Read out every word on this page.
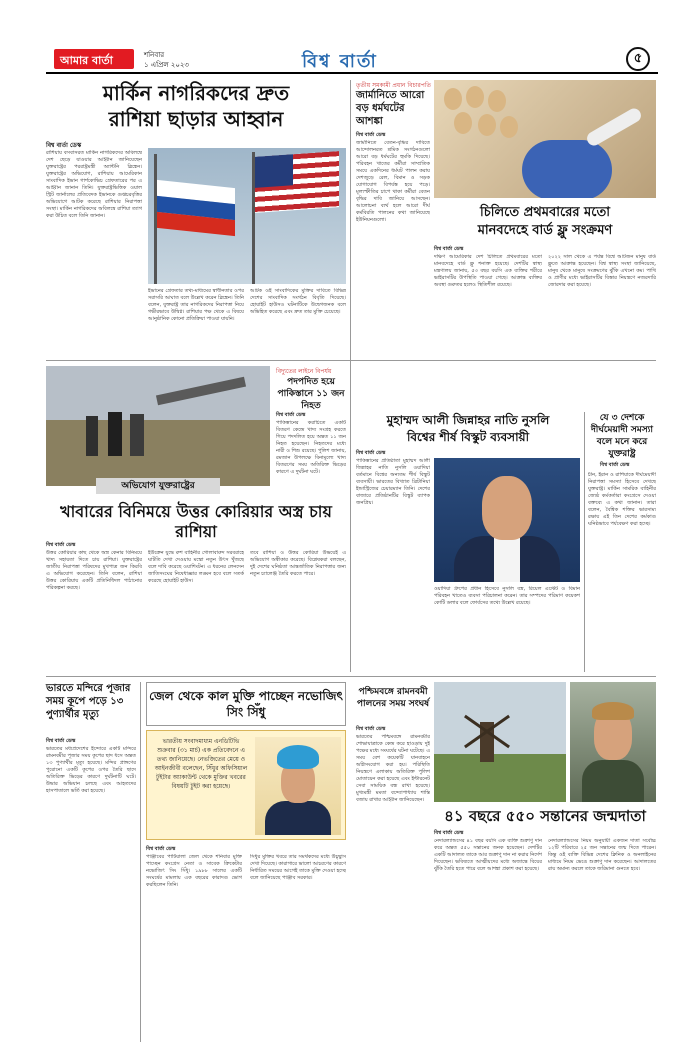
আমার বার্তা	শনিবার
১ এপ্রিল ২০২৩	বিশ্ব বার্তা	৫
মার্কিন নাগরিকদের দ্রুত
রাশিয়া ছাড়ার আহ্বান
বিশ্ব বার্তা ডেস্ক
রাশিয়ায় বসবাসরত মার্কিন নাগরিকদের অবিলম্বে দেশ ছেড়ে যাওয়ার আহ্বান জানিয়েছেন যুক্তরাষ্ট্রের পররাষ্ট্রমন্ত্রী অ্যান্টনি ব্লিঙ্কেন। যুক্তরাষ্ট্রের অভিযোগ, রাশিয়ায় আমেরিকান সাংবাদিক ইভান গার্শকোভিচ গ্রেফতারের পর এ আহ্বান জানান তিনি। যুক্তরাষ্ট্রভিত্তিক ওয়াল স্ট্রিট জার্নালের প্রতিবেদক ইভানকে গুপ্তচরবৃত্তির অভিযোগে আটক করেছে রাশিয়ার নিরাপত্তা সংস্থা। মার্কিন নাগরিকদের অবিলম্বে রাশিয়া ত্যাগ করা উচিত বলে তিনি জানান।
ইভানের গ্রেফতার তথ্য-মাধ্যমের স্বাধীনতার ওপর সরাসরি আঘাত বলে উল্লেখ করেন ব্লিঙ্কেন। তিনি বলেন, যুক্তরাষ্ট্র তার নাগরিকদের নিরাপত্তা নিয়ে গভীরভাবে উদ্বিগ্ন। রাশিয়ার পক্ষ থেকে এ বিষয়ে আনুষ্ঠানিক কোনো প্রতিক্রিয়া পাওয়া যায়নি।
আটক ওই সাংবাদিকের মুক্তির দাবিতে বিভিন্ন দেশের সাংবাদিক সংগঠন বিবৃতি দিয়েছে। হোয়াইট হাউসও ঘটনাটিকে উদ্বেগজনক বলে অভিহিত করেছে এবং দ্রুত তার মুক্তি চেয়েছে।
তৃতীয় সমকামী প্রধান বিচারপতি
জার্মানিতে আরো বড় ধর্মঘটের আশঙ্কা
বিশ্ব বার্তা ডেস্ক
জার্মানিতে বেতন-বৃদ্ধির দাবিতে আন্দোলনরত শ্রমিক সংগঠনগুলো আরো বড় ধর্মঘটের হুমকি দিয়েছে। পরিবহন খাতের কর্মীরা সাম্প্রতিক সময়ে একদিনের ধর্মঘট পালন করায় দেশজুড়ে রেল, বিমান ও সড়ক যোগাযোগ বিপর্যস্ত হয়ে পড়ে। মূল্যস্ফীতির চাপে থাকা কর্মীরা বেতন বৃদ্ধির দাবি জানিয়ে আসছেন। আলোচনা ব্যর্থ হলে আরো দীর্ঘ কর্মবিরতি পালনের কথা জানিয়েছে ইউনিয়নগুলো।	চিলিতে প্রথমবারের মতো
মানবদেহে বার্ড ফ্লু সংক্রমণ
বিশ্ব বার্তা ডেস্ক
দক্ষিণ আমেরিকার দেশ চিলিতে প্রথমবারের মতো মানবদেহে বার্ড ফ্লু শনাক্ত হয়েছে। দেশটির স্বাস্থ্য মন্ত্রণালয় জানায়, ৫৩ বছর বয়সি এক ব্যক্তির শরীরে ভাইরাসটির উপস্থিতি পাওয়া গেছে। আক্রান্ত ব্যক্তির অবস্থা গুরুতর হলেও স্থিতিশীল রয়েছে।
২০২২ সাল থেকে এ পর্যন্ত বিশ্বে আটজন মানুষ বার্ড ফ্লুতে আক্রান্ত হয়েছেন। বিশ্ব স্বাস্থ্য সংস্থা জানিয়েছে, মানুষ থেকে মানুষে সংক্রমণের ঝুঁকি এখনো কম। পাখি ও প্রাণীর মধ্যে ভাইরাসটির বিস্তার নিয়ন্ত্রণে নজরদারি জোরদার করা হয়েছে।
অভিযোগ যুক্তরাষ্ট্রের
খাবারের বিনিময়ে উত্তর কোরিয়ার অস্ত্র চায় রাশিয়া
বিশ্ব বার্তা ডেস্ক
উত্তর কোরিয়ার কাছ থেকে অস্ত্র কেনার বিনিময়ে খাদ্য সহায়তা দিতে চায় রাশিয়া। যুক্তরাষ্ট্রের জাতীয় নিরাপত্তা পরিষদের মুখপাত্র জন কিরবি এ অভিযোগ করেছেন। তিনি বলেন, রাশিয়া উত্তর কোরিয়ায় একটি প্রতিনিধিদল পাঠানোর পরিকল্পনা করছে।
ইউক্রেন যুদ্ধে রুশ বাহিনীর গোলাবারুদ সরবরাহে ঘাটতি দেখা দেওয়ায় মস্কো নতুন উৎস খুঁজছে বলে দাবি করেছে ওয়াশিংটন। এ ধরনের লেনদেন জাতিসংঘের নিষেধাজ্ঞার লঙ্ঘন হবে বলে সতর্ক করেছে হোয়াইট হাউস।
তবে রাশিয়া ও উত্তর কোরিয়া উভয়েই এ অভিযোগ অস্বীকার করেছে। বিশ্লেষকরা বলছেন, দুই দেশের ঘনিষ্ঠতা আন্তর্জাতিক নিরাপত্তার জন্য নতুন চ্যালেঞ্জ তৈরি করতে পারে।
বিদ্যুতের লাইনে বিপর্যয়
পদপদিত হয়ে পাকিস্তানে ১১ জন নিহত
বিশ্ব বার্তা ডেস্ক
পাকিস্তানের করাচিতে একটি বিতরণ কেন্দ্রে খাদ্য সংগ্রহ করতে গিয়ে পদদলিত হয়ে অন্তত ১১ জন নিহত হয়েছেন। নিহতদের মধ্যে নারী ও শিশু রয়েছে। পুলিশ জানায়, রমজান উপলক্ষে বিনামূল্যে খাদ্য বিতরণের সময় অতিরিক্ত ভিড়ের কারণে এ দুর্ঘটনা ঘটে।
মুহাম্মদ আলী জিন্নাহর নাতি নুসলি
বিশ্বের শীর্ষ বিস্কুট ব্যবসায়ী
বিশ্ব বার্তা ডেস্ক
পাকিস্তানের প্রতিষ্ঠাতা মুহাম্মদ আলী জিন্নাহর নাতি নুসলি ওয়াদিয়া বর্তমানে বিশ্বের অন্যতম শীর্ষ বিস্কুট ব্যবসায়ী। ভারতের বিখ্যাত ব্রিটানিয়া ইন্ডাস্ট্রিজের চেয়ারম্যান তিনি। দেশের বাজারে প্রতিষ্ঠানটির বিস্কুট ব্যাপক জনপ্রিয়।
ওয়াদিয়া গ্রুপের প্রধান হিসেবে নুসলি বস্ত্র, রিয়েল এস্টেট ও বিমান পরিবহন খাতেও ব্যবসা পরিচালনা করেন। তার সম্পদের পরিমাণ কয়েকশ কোটি ডলার বলে ফোর্বসের তথ্যে উল্লেখ রয়েছে।
যে ৩ দেশকে দীর্ঘমেয়াদী সমস্যা বলে মনে করে যুক্তরাষ্ট্র
বিশ্ব বার্তা ডেস্ক
চীন, ইরান ও রাশিয়াকে দীর্ঘমেয়াদী নিরাপত্তা সমস্যা হিসেবে দেখছে যুক্তরাষ্ট্র। মার্কিন সামরিক বাহিনীর জ্যেষ্ঠ কর্মকর্তারা কংগ্রেসে দেওয়া বক্তব্যে এ কথা জানান। তারা বলেন, বৈশ্বিক শক্তির ভারসাম্য রক্ষায় এই তিন দেশের কর্মকাণ্ড ঘনিষ্ঠভাবে পর্যবেক্ষণ করা হচ্ছে।
ভারতে মন্দিরে পূজার সময় কূপে পড়ে ১৩ পুণ্যার্থীর মৃত্যু
বিশ্ব বার্তা ডেস্ক
ভারতের মধ্যপ্রদেশের ইন্দোরে একটি মন্দিরে রামনবমীর পূজার সময় কূপের ছাদ ধসে অন্তত ১৩ পুণ্যার্থীর মৃত্যু হয়েছে। মন্দির প্রাঙ্গণের পুরোনো একটি কূপের ওপর তৈরি ছাদে অতিরিক্ত ভিড়ের কারণে দুর্ঘটনাটি ঘটে। উদ্ধার অভিযান চলছে এবং আহতদের হাসপাতালে ভর্তি করা হয়েছে।
জেল থেকে কাল মুক্তি পাচ্ছেন নভোজিৎ সিং সিঁধু
ভারতীয় সংবাদমাধ্যম এনডিটিভি শুক্রবার (৩১ মার্চ) এক প্রতিবেদনে এ তথ্য জানিয়েছে। নেভজিতের মেয়ে ও আইনজীবী বলেছেন, সিঁধুর অফিসিয়াল টুইটার অ্যাকাউন্ট থেকে মুক্তির খবরের বিষয়টি টুইট করা হয়েছে।
বিশ্ব বার্তা ডেস্ক
পাঞ্জাবের পাটিয়ালা জেল থেকে শনিবার মুক্তি পাচ্ছেন কংগ্রেস নেতা ও সাবেক ক্রিকেটার নভোজিৎ সিং সিঁধু। ১৯৮৮ সালের একটি সংঘর্ষের মামলায় এক বছরের কারাদণ্ড ভোগ করছিলেন তিনি।
সিঁধুর মুক্তির খবরে তার সমর্থকদের মধ্যে উচ্ছ্বাস দেখা দিয়েছে। কারাগারে ভালো আচরণের কারণে নির্ধারিত সময়ের আগেই তাকে মুক্তি দেওয়া হচ্ছে বলে জানিয়েছে পাঞ্জাব সরকার।
পশ্চিমবঙ্গে রামনবমী পালনের সময় সংঘর্ষ
বিশ্ব বার্তা ডেস্ক
ভারতের পশ্চিমবঙ্গে রামনবমীর শোভাযাত্রাকে কেন্দ্র করে হাওড়ায় দুই পক্ষের মধ্যে সংঘর্ষের ঘটনা ঘটেছে। এ সময় বেশ কয়েকটি যানবাহনে অগ্নিসংযোগ করা হয়। পরিস্থিতি নিয়ন্ত্রণে এলাকায় অতিরিক্ত পুলিশ মোতায়েন করা হয়েছে এবং ইন্টারনেট সেবা সাময়িক বন্ধ রাখা হয়েছে। মুখ্যমন্ত্রী মমতা বন্দ্যোপাধ্যায় শান্তি বজায় রাখার আহ্বান জানিয়েছেন।
৪১ বছরে ৫৫০ সন্তানের জন্মদাতা
বিশ্ব বার্তা ডেস্ক
নেদারল্যান্ডসের ৪১ বছর বয়সি এক ব্যক্তি শুক্রাণু দান করে অন্তত ৫৫০ সন্তানের জনক হয়েছেন। দেশটির একটি আদালত তাকে আর শুক্রাণু দান না করার নির্দেশ দিয়েছেন। ভবিষ্যতে আত্মীয়দের মধ্যে অজান্তে বিয়ের ঝুঁকি তৈরি হতে পারে বলে আশঙ্কা প্রকাশ করা হয়েছে।
নেদারল্যান্ডসের নিয়ম অনুযায়ী একজন দাতা সর্বোচ্চ ১২টি পরিবারে ২৫ জন সন্তানের জন্ম দিতে পারেন। কিন্তু ওই ব্যক্তি বিভিন্ন দেশের ক্লিনিক ও অনলাইনের মাধ্যমে নিয়ম ভেঙে শুক্রাণু দান করেছেন। আদালতের রায় অমান্য করলে তাকে জরিমানা গুনতে হবে।
